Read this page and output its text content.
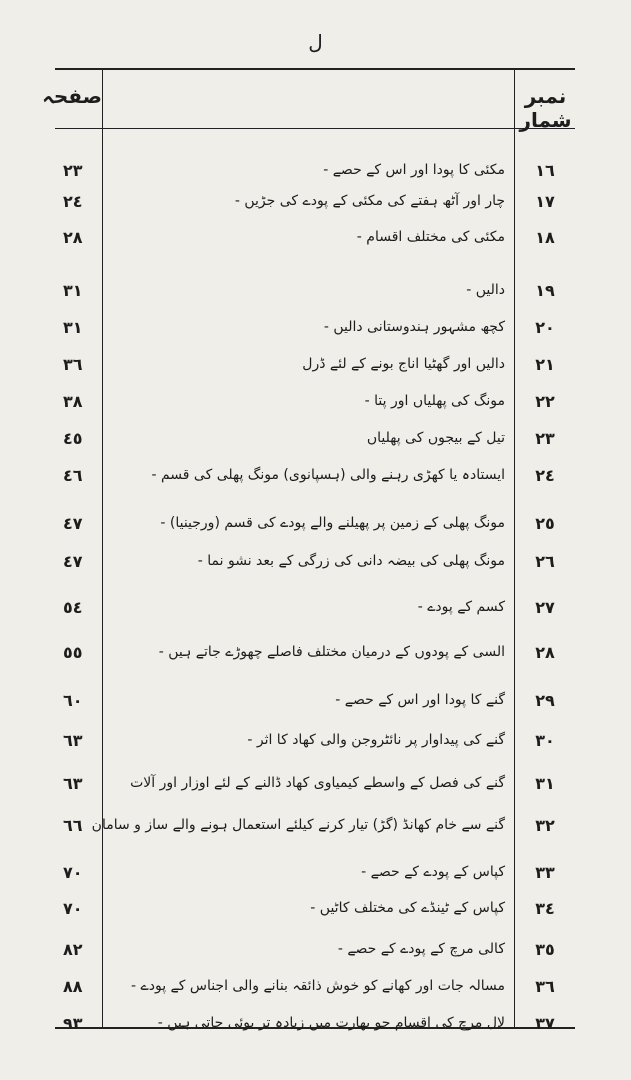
ل
نمبر شمار
صفحہ
٢٣	مکئی کا پودا اور اس کے حصے -	١٦
٢٤	چار اور آٹھ ہفتے کی مکئی کے پودے کی جڑیں -	١٧
٢٨	مکئی کی مختلف اقسام -	١٨
٣١	دالیں -	١٩
٣١	کچھ مشہور ہندوستانی دالیں -	٢٠
٣٦	دالیں اور گھٹیا اناج بونے کے لئے ڈرل	٢١
٣٨	مونگ کی پھلیاں اور پتا -	٢٢
٤٥	تیل کے بیجوں کی پھلیاں	٢٣
٤٦	ایستادہ یا کھڑی رہنے والی (ہسپانوی) مونگ پھلی کی قسم -	٢٤
٤٧	مونگ پھلی کے زمین پر پھیلنے والے پودے کی قسم (ورجینیا) -	٢٥
٤٧	مونگ پھلی کی بیضہ دانی کی زرگی کے بعد نشو نما -	٢٦
٥٤	کسم کے پودے -	٢٧
٥٥	السی کے پودوں کے درمیان مختلف فاصلے چھوڑے جاتے ہیں -	٢٨
٦٠	گنے کا پودا اور اس کے حصے -	٢٩
٦٣	گنے کی پیداوار پر نائٹروجن والی کھاد کا اثر -	٣٠
٦٣	گنے کی فصل کے واسطے کیمیاوی کھاد ڈالنے کے لئے اوزار اور آلات	٣١
٦٦ گنے سے خام کھانڈ (گڑ) تیار کرنے کیلئے استعمال ہونے والے ساز و سامان	٣٢
٧٠	کپاس کے پودے کے حصے -	٣٣
٧٠	کپاس کے ٹینڈے کی مختلف کاٹیں -	٣٤
٨٢	کالی مرچ کے پودے کے حصے -	٣٥
٨٨	مسالہ جات اور کھانے کو خوش ذائقہ بنانے والی اجناس کے پودے -	٣٦
٩٣	لال مرچ کی اقسام جو بھارت میں زیادہ تر بوئی جاتی ہیں -	٣٧
